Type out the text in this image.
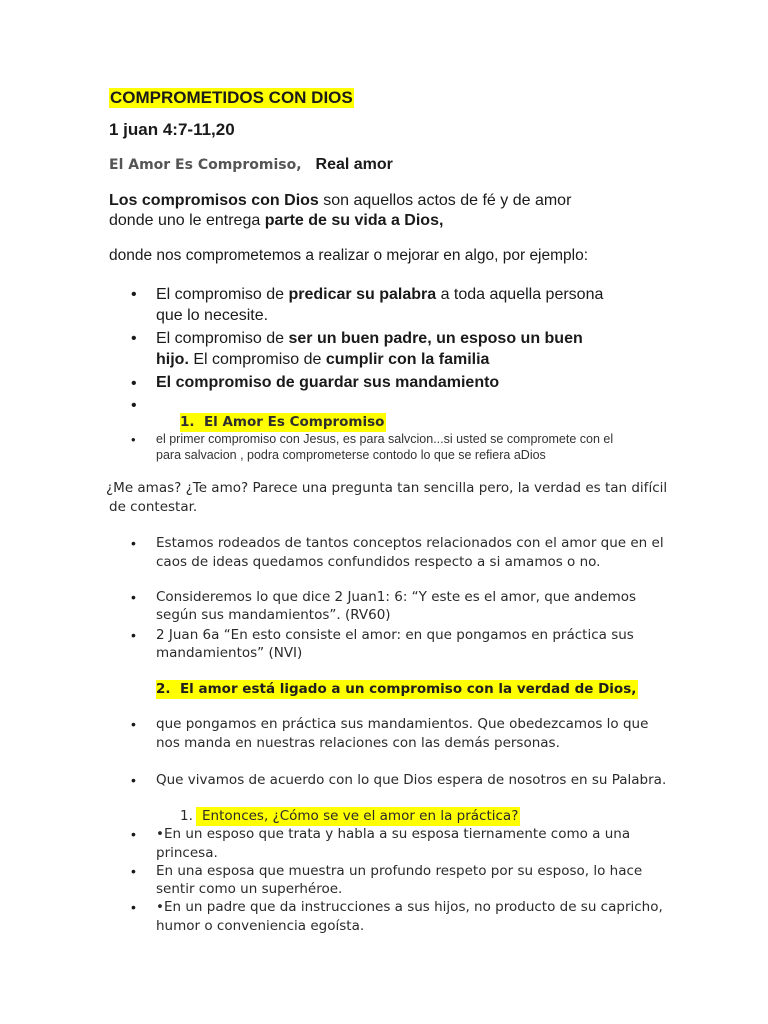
COMPROMETIDOS CON DIOS
1 juan 4:7-11,20
El Amor Es Compromiso, Real amor
Los compromisos con Dios son aquellos actos de fé y de amor
donde uno le entrega parte de su vida a Dios,
donde nos comprometemos a realizar o mejorar en algo, por ejemplo:
• El compromiso de predicar su palabra a toda aquella persona
que lo necesite.
• El compromiso de ser un buen padre, un esposo un buen
hijo. El compromiso de cumplir con la familia
• El compromiso de guardar sus mandamiento
•
1. El Amor Es Compromiso
• el primer compromiso con Jesus, es para salvcion...si usted se compromete con el
para salvacion , podra comprometerse contodo lo que se refiera aDios
¿Me amas? ¿Te amo? Parece una pregunta tan sencilla pero, la verdad es tan difícil
de contestar.
• Estamos rodeados de tantos conceptos relacionados con el amor que en el
caos de ideas quedamos confundidos respecto a si amamos o no.
• Consideremos lo que dice 2 Juan1: 6: “Y este es el amor, que andemos
según sus mandamientos”. (RV60)
• 2 Juan 6a “En esto consiste el amor: en que pongamos en práctica sus
mandamientos” (NVI)
2. El amor está ligado a un compromiso con la verdad de Dios,
• que pongamos en práctica sus mandamientos. Que obedezcamos lo que
nos manda en nuestras relaciones con las demás personas.
• Que vivamos de acuerdo con lo que Dios espera de nosotros en su Palabra.
1. Entonces, ¿Cómo se ve el amor en la práctica?
• •En un esposo que trata y habla a su esposa tiernamente como a una
princesa.
• En una esposa que muestra un profundo respeto por su esposo, lo hace
sentir como un superhéroe.
• •En un padre que da instrucciones a sus hijos, no producto de su capricho,
humor o conveniencia egoísta.
